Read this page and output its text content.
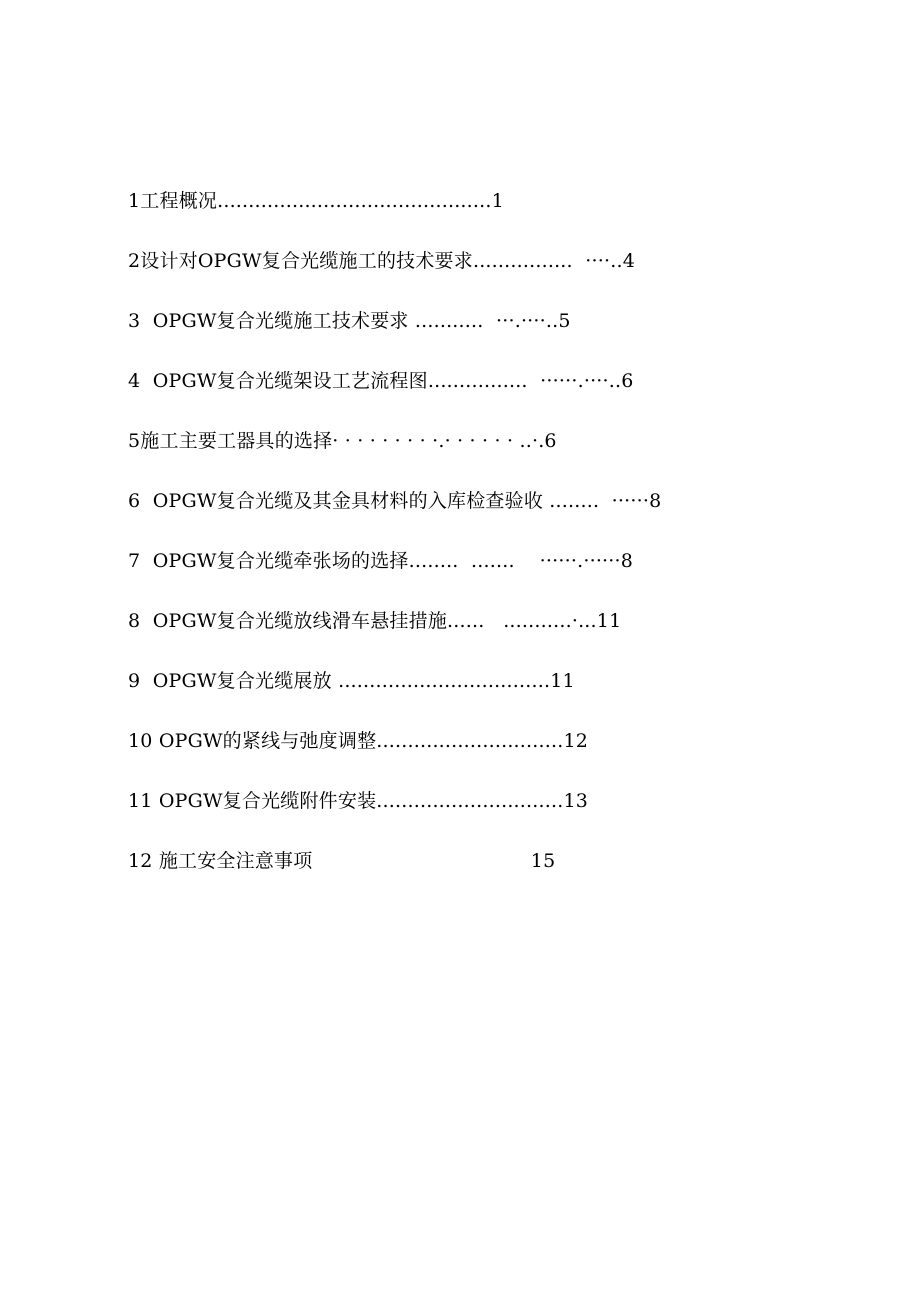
1工程概况............................................1
2设计对OPGW复合光缆施工的技术要求................  ····..4
3  OPGW复合光缆施工技术要求 ...........  ···.····..5
4  OPGW复合光缆架设工艺流程图................  ······.····..6
5施工主要工器具的选择· · · · · · · · ·.· · · · · · ..·.6
6  OPGW复合光缆及其金具材料的入库检查验收 ........  ······8
7  OPGW复合光缆牵张场的选择........  .......    ······.······8
8  OPGW复合光缆放线滑车悬挂措施......   ...........·...11
9  OPGW复合光缆展放 ..................................11
10 OPGW的紧线与弛度调整..............................12
11 OPGW复合光缆附件安装..............................13
12 施工安全注意事项                                   15
